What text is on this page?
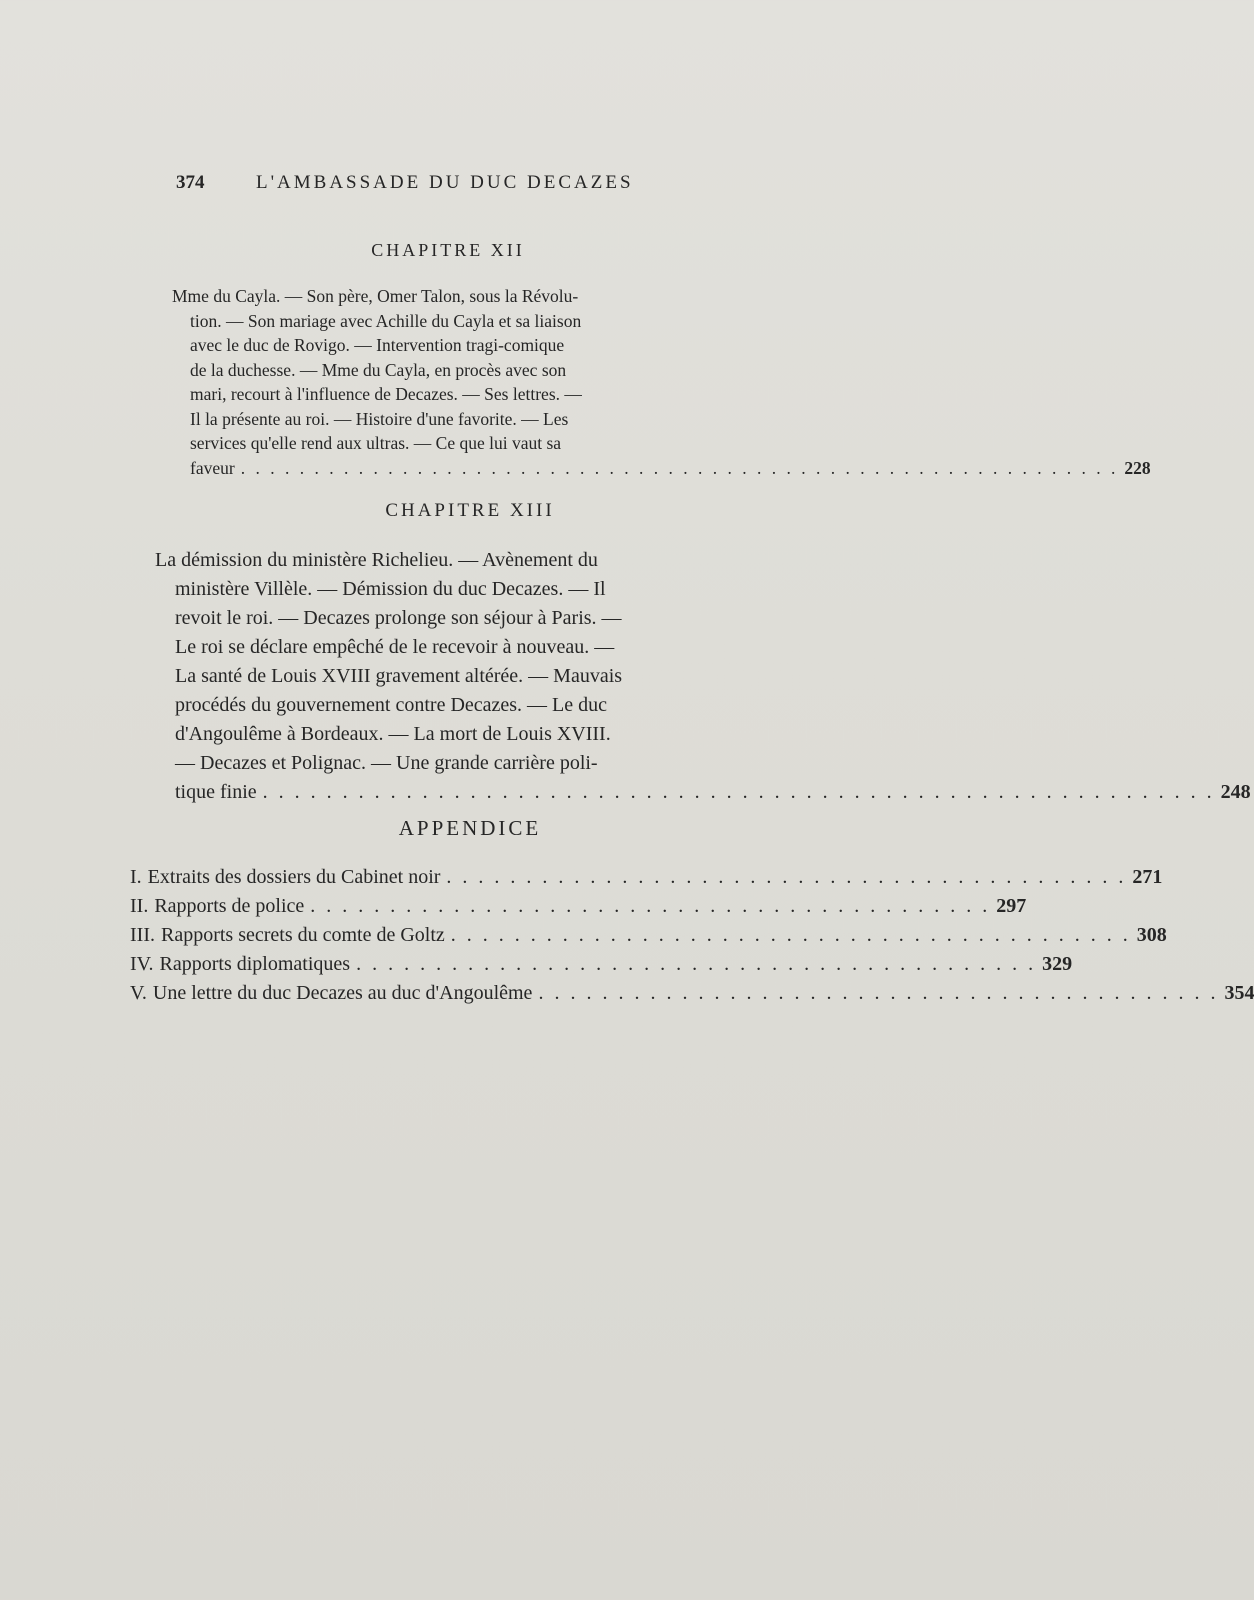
374	L'AMBASSADE DU DUC DECAZES
CHAPITRE XII
Mme du Cayla. — Son père, Omer Talon, sous la Révolu-
tion. — Son mariage avec Achille du Cayla et sa liaison
avec le duc de Rovigo. — Intervention tragi-comique
de la duchesse. — Mme du Cayla, en procès avec son
mari, recourt à l'influence de Decazes. — Ses lettres. —
Il la présente au roi. — Histoire d'une favorite. — Les
services qu'elle rend aux ultras. — Ce que lui vaut sa
faveur . . . . . . . . . . . . . . . . . . . . . . . . . . . . . . . . . . . . . . . . . . . . . . . . . . . . . . . . . . . . 228
CHAPITRE XIII
La démission du ministère Richelieu. — Avènement du
ministère Villèle. — Démission du duc Decazes. — Il
revoit le roi. — Decazes prolonge son séjour à Paris. —
Le roi se déclare empêché de le recevoir à nouveau. —
La santé de Louis XVIII gravement altérée. — Mauvais
procédés du gouvernement contre Decazes. — Le duc
d'Angoulême à Bordeaux. — La mort de Louis XVIII.
— Decazes et Polignac. — Une grande carrière poli-
tique finie . . . . . . . . . . . . . . . . . . . . . . . . . . . . . . . . . . . . . . . . . . . . . . . . . . . . . . . . . . . . 248
APPENDICE
I. Extraits des dossiers du Cabinet noir . . . . . . . . . . . . . . . . . . . . . . . . . . . . . . . . . . . . . . . . . . . 271
II. Rapports de police . . . . . . . . . . . . . . . . . . . . . . . . . . . . . . . . . . . . . . . . . . . 297
III. Rapports secrets du comte de Goltz . . . . . . . . . . . . . . . . . . . . . . . . . . . . . . . . . . . . . . . . . . . 308
IV. Rapports diplomatiques . . . . . . . . . . . . . . . . . . . . . . . . . . . . . . . . . . . . . . . . . . . 329
V. Une lettre du duc Decazes au duc d'Angoulême . . . . . . . . . . . . . . . . . . . . . . . . . . . . . . . . . . . . . . . . . . . 354
